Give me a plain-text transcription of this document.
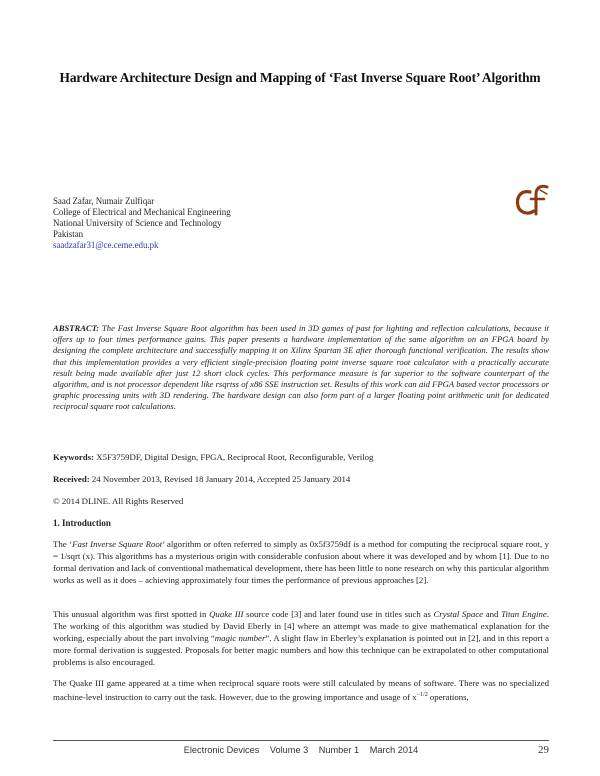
Hardware Architecture Design and Mapping of ‘Fast Inverse Square Root’ Algorithm
Saad Zafar, Numair Zulfiqar
College of Electrical and Mechanical Engineering
National University of Science and Technology
Pakistan
saadzafar31@ce.ceme.edu.pk
ABSTRACT: The Fast Inverse Square Root algorithm has been used in 3D games of past for lighting and reflection calculations, because it offers up to four times performance gains. This paper presents a hardware implementation of the same algorithm on an FPGA board by designing the complete architecture and successfully mapping it on Xilinx Spartan 3E after thorough functional verification. The results show that this implementation provides a very efficient single-precision floating point inverse square root calculator with a practically accurate result being made available after just 12 short clock cycles. This performance measure is far superior to the software counterpart of the algorithm, and is not processor dependent like rsqrtss of x86 SSE instruction set. Results of this work can aid FPGA based vector processors or graphic processing units with 3D rendering. The hardware design can also form part of a larger floating point arithmetic unit for dedicated reciprocal square root calculations.
Keywords: X5F3759DF, Digital Design, FPGA, Reciprocal Root, Reconfigurable, Verilog
Received: 24 November 2013, Revised 18 January 2014, Accepted 25 January 2014
© 2014 DLINE. All Rights Reserved
1. Introduction
The ‘Fast Inverse Square Root’ algorithm or often referred to simply as 0x5f3759df is a method for computing the reciprocal square root, y = 1/sqrt (x). This algorithms has a mysterious origin with considerable confusion about where it was developed and by whom [1]. Due to no formal derivation and lack of conventional mathematical development, there has been little to none research on why this particular algorithm works as well as it does – achieving approximately four times the performance of previous approaches [2].
This unusual algorithm was first spotted in Quake III source code [3] and later found use in titles such as Crystal Space and Titan Engine. The working of this algorithm was studied by David Eberly in [4] where an attempt was made to give mathematical explanation for the working, especially about the part involving “magic number”. A slight flaw in Eberley’s explanation is pointed out in [2], and in this report a more formal derivation is suggested. Proposals for better magic numbers and how this technique can be extrapolated to other computational problems is also encouraged.
The Quake III game appeared at a time when reciprocal square roots were still calculated by means of software. There was no specialized machine-level instruction to carry out the task. However, due to the growing importance and usage of $x^{-1/2}$ operations,
Electronic Devices Volume 3 Number 1 March 2014	29
